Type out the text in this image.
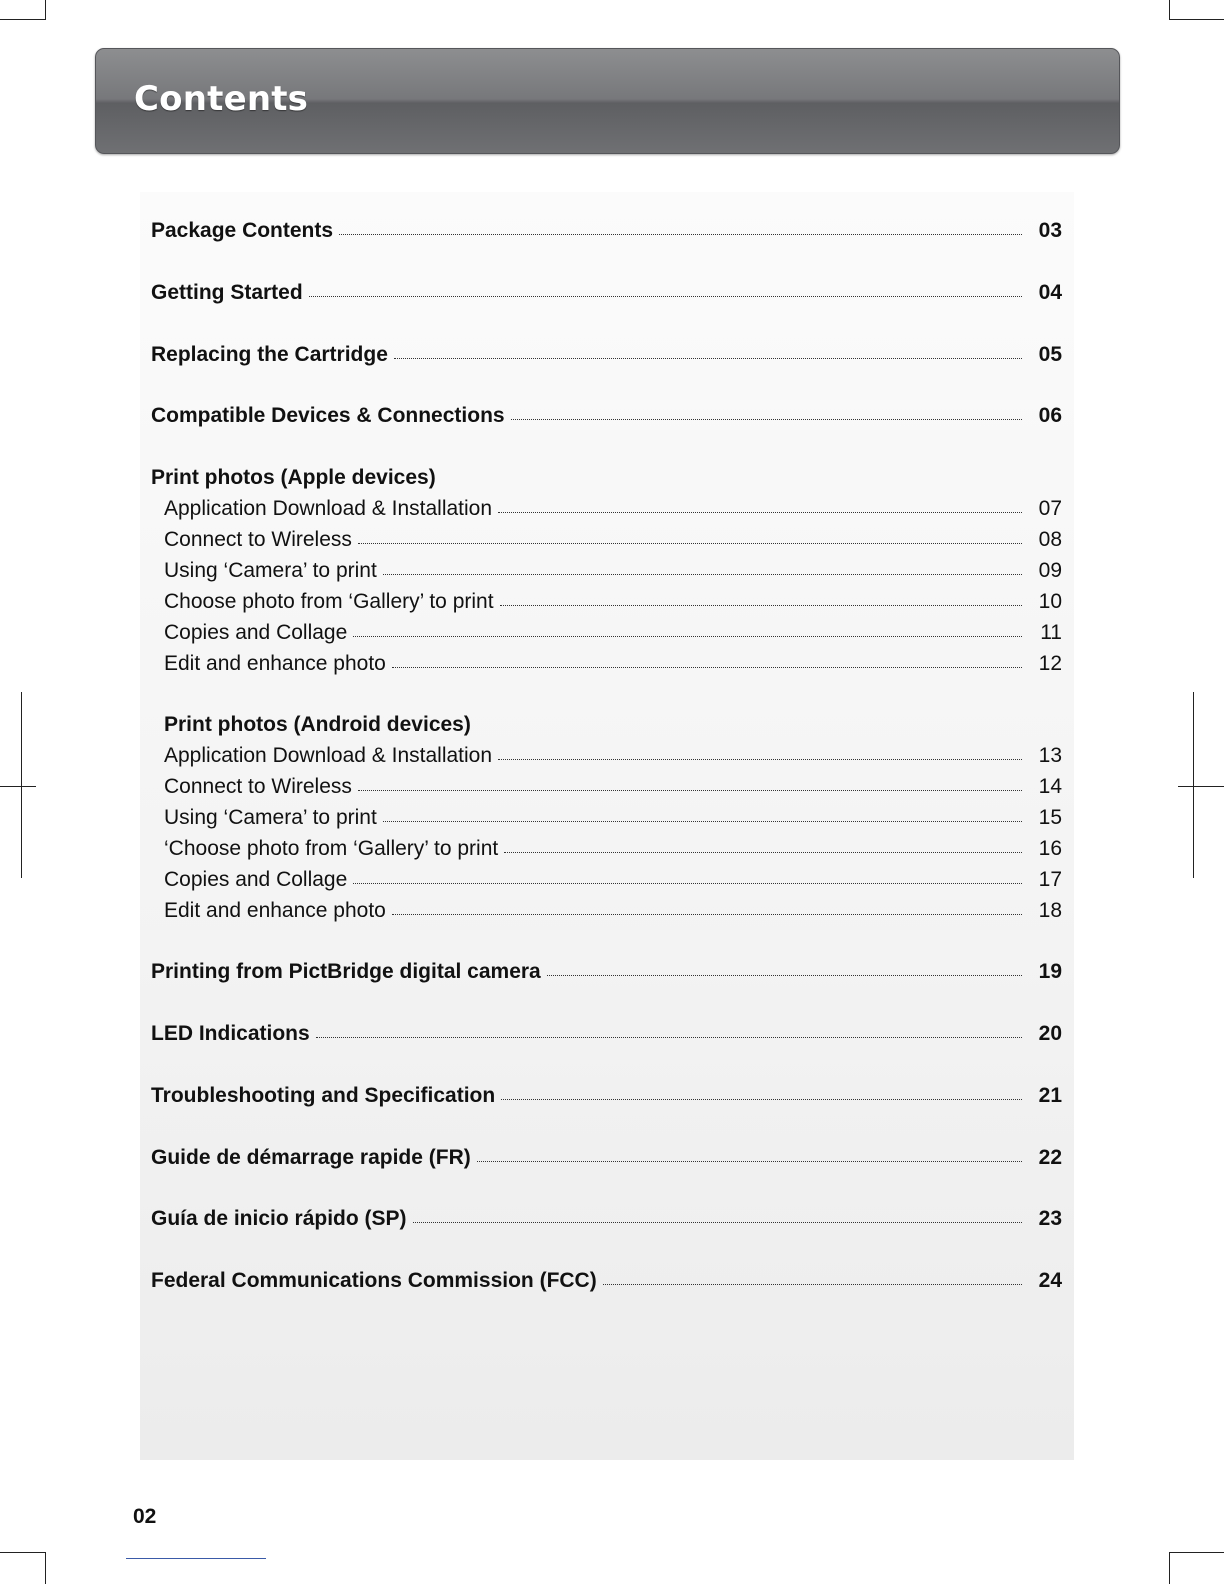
Contents
Package Contents	03
Getting Started	04
Replacing the Cartridge	05
Compatible Devices & Connections	06
Print photos (Apple devices)
Application Download & Installation	07
Connect to Wireless	08
Using ‘Camera’ to print	09
Choose photo from ‘Gallery’ to print	10
Copies and Collage	11
Edit and enhance photo	12
Print photos (Android devices)
Application Download & Installation	13
Connect to Wireless	14
Using ‘Camera’ to print	15
‘Choose photo from ‘Gallery’ to print	16
Copies and Collage	17
Edit and enhance photo	18
Printing from PictBridge digital camera	19
LED Indications	20
Troubleshooting and Specification	21
Guide de démarrage rapide (FR)	22
Guía de inicio rápido (SP)	23
Federal Communications Commission (FCC)	24
02
